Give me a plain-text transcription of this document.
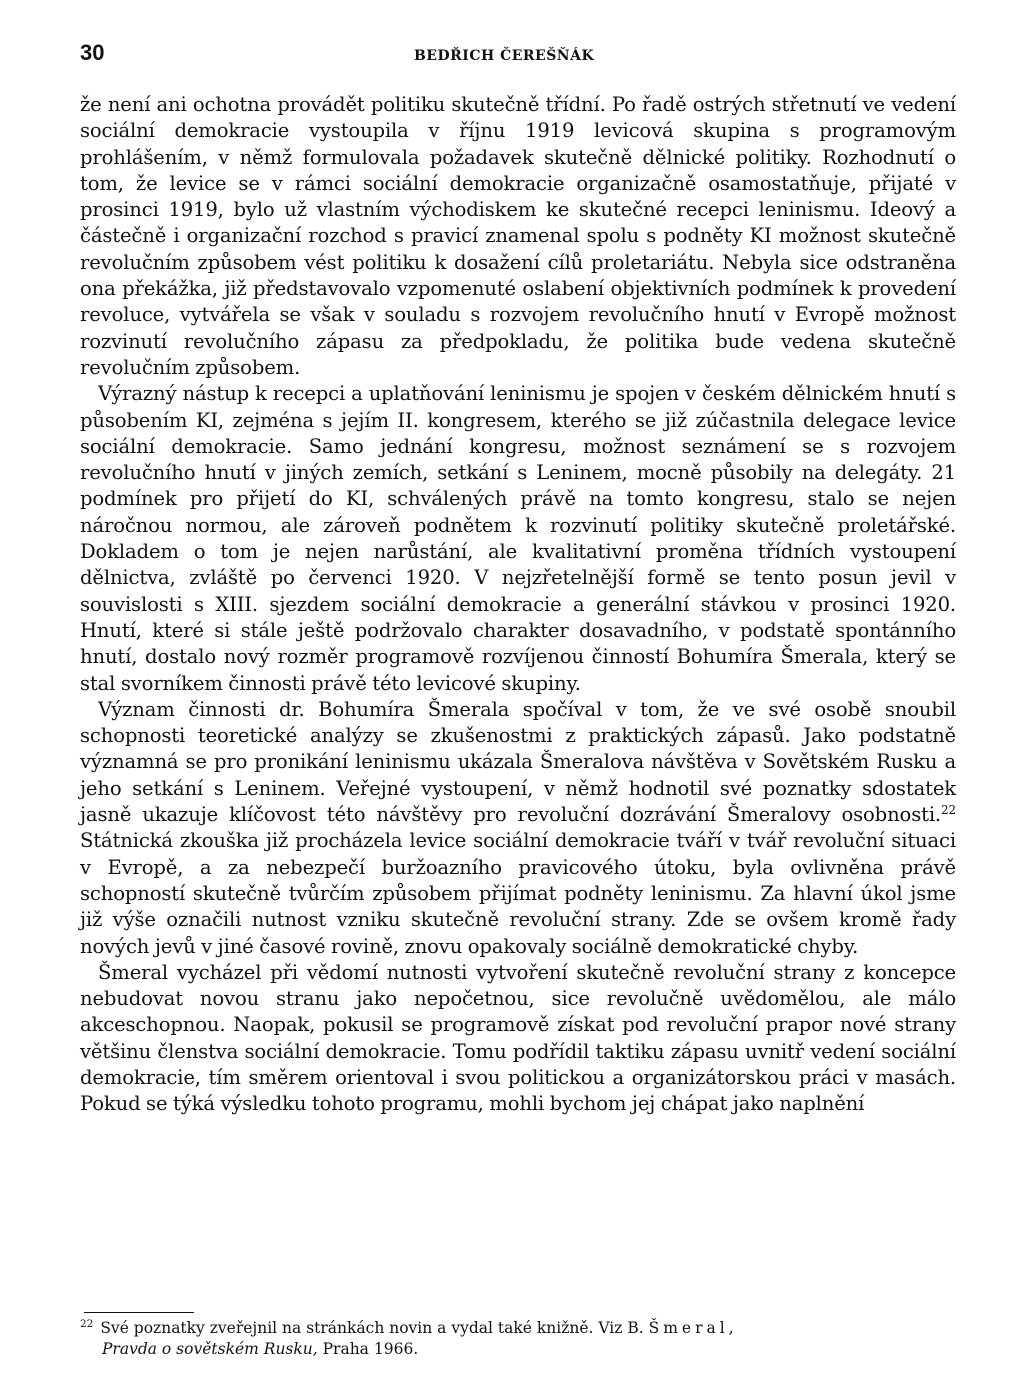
30	BEDŘICH ČEREŠŇÁK

že není ani ochotna provádět politiku skutečně třídní. Po řadě ostrých střetnutí ve vedení sociální demokracie vystoupila v říjnu 1919 levicová skupina s programovým prohlášením, v němž formulovala požadavek skutečně dělnické politiky. Rozhodnutí o tom, že levice se v rámci sociální demokracie organizačně osamostatňuje, přijaté v prosinci 1919, bylo už vlastním východiskem ke skutečné recepci leninismu. Ideový a částečně i organizační rozchod s pravicí znamenal spolu s podněty KI možnost skutečně revolučním způsobem vést politiku k dosažení cílů proletariátu. Nebyla sice odstraněna ona překážka, již představovalo vzpomenuté oslabení objektivních podmínek k provedení revoluce, vytvářela se však v souladu s rozvojem revolučního hnutí v Evropě možnost rozvinutí revolučního zápasu za předpokladu, že politika bude vedena skutečně revolučním způsobem.

Výrazný nástup k recepci a uplatňování leninismu je spojen v českém dělnickém hnutí s působením KI, zejména s jejím II. kongresem, kterého se již zúčastnila delegace levice sociální demokracie. Samo jednání kongresu, možnost seznámení se s rozvojem revolučního hnutí v jiných zemích, setkání s Leninem, mocně působily na delegáty. 21 podmínek pro přijetí do KI, schválených právě na tomto kongresu, stalo se nejen náročnou normou, ale zároveň podnětem k rozvinutí politiky skutečně proletářské. Dokladem o tom je nejen narůstání, ale kvalitativní proměna třídních vystoupení dělnictva, zvláště po červenci 1920. V nejzřetelnější formě se tento posun jevil v souvislosti s XIII. sjezdem sociální demokracie a generální stávkou v prosinci 1920. Hnutí, které si stále ještě podržovalo charakter dosavadního, v podstatě spontánního hnutí, dostalo nový rozměr programově rozvíjenou činností Bohumíra Šmerala, který se stal svorníkem činnosti právě této levicové skupiny.

Význam činnosti dr. Bohumíra Šmerala spočíval v tom, že ve své osobě snoubil schopnosti teoretické analýzy se zkušenostmi z praktických zápasů. Jako podstatně významná se pro pronikání leninismu ukázala Šmeralova návštěva v Sovětském Rusku a jeho setkání s Leninem. Veřejné vystoupení, v němž hodnotil své poznatky sdostatek jasně ukazuje klíčovost této návštěvy pro revoluční dozrávání Šmeralovy osobnosti.$^{22}$ Státnická zkouška již procházela levice sociální demokracie tváří v tvář revoluční situaci v Evropě, a za nebezpečí buržoazního pravicového útoku, byla ovlivněna právě schopností skutečně tvůrčím způsobem přijímat podněty leninismu. Za hlavní úkol jsme již výše označili nutnost vzniku skutečně revoluční strany. Zde se ovšem kromě řady nových jevů v jiné časové rovině, znovu opakovaly sociálně demokratické chyby.

Šmeral vycházel při vědomí nutnosti vytvoření skutečně revoluční strany z koncepce nebudovat novou stranu jako nepočetnou, sice revolučně uvědomělou, ale málo akceschopnou. Naopak, pokusil se programově získat pod revoluční prapor nové strany většinu členstva sociální demokracie. Tomu podřídil taktiku zápasu uvnitř vedení sociální demokracie, tím směrem orientoval i svou politickou a organizátorskou práci v masách. Pokud se týká výsledku tohoto programu, mohli bychom jej chápat jako naplnění

$^{22}$ Své poznatky zveřejnil na stránkách novin a vydal také knižně. Viz B. Šmeral,
Pravda o sovětském Rusku, Praha 1966.
